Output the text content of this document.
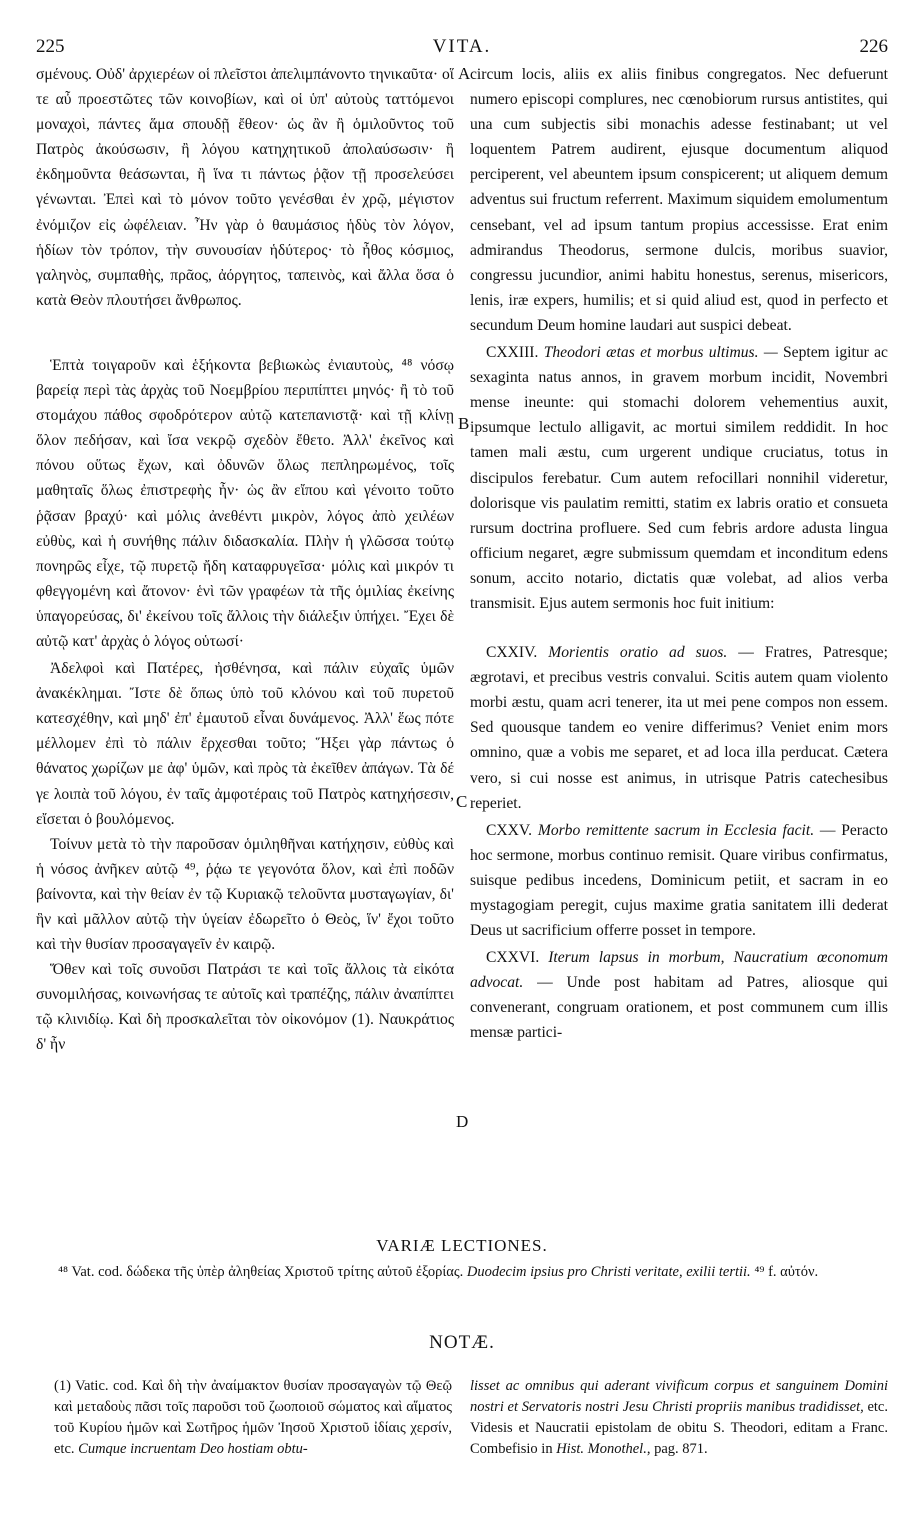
225	VITA.	226

σμένους. Οὐδ' ἀρχιερέων οἱ πλεῖστοι ἀπελιμπάνοντο τηνικαῦτα· οἵ τε αὖ προεστῶτες τῶν κοινοβίων, καὶ οἱ ὑπ' αὐτοὺς ταττόμενοι μοναχοὶ, πάντες ἅμα σπουδῇ ἔθεον· ὡς ἂν ἢ ὁμιλοῦντος τοῦ Πατρὸς ἀκούσωσιν, ἢ λόγου κατηχητικοῦ ἀπολαύσωσιν· ἢ ἐκδημοῦντα θεάσωνται, ἢ ἵνα τι πάντως ῥᾷον τῇ προσελεύσει γένωνται. Ἐπεὶ καὶ τὸ μόνον τοῦτο γενέσθαι ἐν χρῷ, μέγιστον ἐνόμιζον εἰς ὠφέλειαν. Ἦν γὰρ ὁ θαυμάσιος ἡδὺς τὸν λόγον, ἡδίων τὸν τρόπον, τὴν συνουσίαν ἡδύτερος· τὸ ἦθος κόσμιος, γαληνὸς, συμπαθὴς, πρᾶος, ἀόργητος, ταπεινὸς, καὶ ἄλλα ὅσα ὁ κατὰ Θεὸν πλουτήσει ἄνθρωπος.

Ἑπτὰ τοιγαροῦν καὶ ἑξήκοντα βεβιωκὼς ἐνιαυτοὺς, ⁴⁸ νόσῳ βαρείᾳ περὶ τὰς ἀρχὰς τοῦ Νοεμβρίου περιπίπτει μηνός· ἢ τὸ τοῦ στομάχου πάθος σφοδρότερον αὐτῷ κατεπανιστᾷ· καὶ τῇ κλίνῃ ὅλον πεδήσαν, καὶ ἴσα νεκρῷ σχεδὸν ἔθετο. Ἀλλ' ἐκεῖνος καὶ πόνου οὕτως ἔχων, καὶ ὀδυνῶν ὅλως πεπληρωμένος, τοῖς μαθηταῖς ὅλως ἐπιστρεφὴς ἦν· ὡς ἂν εἴπου καὶ γένοιτο τοῦτο ῥᾷσαν βραχύ· καὶ μόλις ἀνεθέντι μικρὸν, λόγος ἀπὸ χειλέων εὐθὺς, καὶ ἡ συνήθης πάλιν διδασκαλία. Πλὴν ἡ γλῶσσα τούτῳ πονηρῶς εἶχε, τῷ πυρετῷ ἤδη καταφρυγεῖσα· μόλις καὶ μικρόν τι φθεγγομένη καὶ ἄτονον· ἑνὶ τῶν γραφέων τὰ τῆς ὁμιλίας ἐκείνης ὑπαγορεύσας, δι' ἐκείνου τοῖς ἄλλοις τὴν διάλεξιν ὑπήχει. Ἔχει δὲ αὐτῷ κατ' ἀρχὰς ὁ λόγος οὑτωσί·

Ἀδελφοὶ καὶ Πατέρες, ἠσθένησα, καὶ πάλιν εὐχαῖς ὑμῶν ἀνακέκλημαι. Ἴστε δὲ ὅπως ὑπὸ τοῦ κλόνου καὶ τοῦ πυρετοῦ κατεσχέθην, καὶ μηδ' ἐπ' ἐμαυτοῦ εἶναι δυνάμενος. Ἀλλ' ἕως πότε μέλλομεν ἐπὶ τὸ πάλιν ἔρχεσθαι τοῦτο; Ἥξει γὰρ πάντως ὁ θάνατος χωρίζων με ἀφ' ὑμῶν, καὶ πρὸς τὰ ἐκεῖθεν ἀπάγων. Τὰ δέ γε λοιπὰ τοῦ λόγου, ἐν ταῖς ἀμφοτέραις τοῦ Πατρὸς κατηχήσεσιν, εἴσεται ὁ βουλόμενος.

Τοίνυν μετὰ τὸ τὴν παροῦσαν ὁμιληθῆναι κατήχησιν, εὐθὺς καὶ ἡ νόσος ἀνῆκεν αὐτῷ ⁴⁹, ῥᾴω τε γεγονότα ὅλον, καὶ ἐπὶ ποδῶν βαίνοντα, καὶ τὴν θείαν ἐν τῷ Κυριακῷ τελοῦντα μυσταγωγίαν, δι' ἣν καὶ μᾶλλον αὐτῷ τὴν ὑγείαν ἐδωρεῖτο ὁ Θεὸς, ἵν' ἔχοι τοῦτο καὶ τὴν θυσίαν προσαγαγεῖν ἐν καιρῷ.

Ὅθεν καὶ τοῖς συνοῦσι Πατράσι τε καὶ τοῖς ἄλλοις τὰ εἰκότα συνομιλήσας, κοινωνήσας τε αὐτοῖς καὶ τραπέζης, πάλιν ἀναπίπτει τῷ κλινιδίῳ. Καὶ δὴ προσκαλεῖται τὸν οἰκονόμον (1). Ναυκράτιος δ' ἦν

A
B
C
D

circum locis, aliis ex aliis finibus congregatos. Nec defuerunt numero episcopi complures, nec cœnobiorum rursus antistites, qui una cum subjectis sibi monachis adesse festinabant; ut vel loquentem Patrem audirent, ejusque documentum aliquod perciperent, vel abeuntem ipsum conspicerent; ut aliquem demum adventus sui fructum referrent. Maximum siquidem emolumentum censebant, vel ad ipsum tantum propius accessisse. Erat enim admirandus Theodorus, sermone dulcis, moribus suavior, congressu jucundior, animi habitu honestus, serenus, misericors, lenis, iræ expers, humilis; et si quid aliud est, quod in perfecto et secundum Deum homine laudari aut suspici debeat.

CXXIII. Theodori ætas et morbus ultimus. — Septem igitur ac sexaginta natus annos, in gravem morbum incidit, Novembri mense ineunte: qui stomachi dolorem vehementius auxit, ipsumque lectulo alligavit, ac mortui similem reddidit. In hoc tamen mali æstu, cum urgerent undique cruciatus, totus in discipulos ferebatur. Cum autem refocillari nonnihil videretur, dolorisque vis paulatim remitti, statim ex labris oratio et consueta rursum doctrina profluere. Sed cum febris ardore adusta lingua officium negaret, ægre submissum quemdam et inconditum edens sonum, accito notario, dictatis quæ volebat, ad alios verba transmisit. Ejus autem sermonis hoc fuit initium:

CXXIV. Morientis oratio ad suos. — Fratres, Patresque; ægrotavi, et precibus vestris convalui. Scitis autem quam violento morbi æstu, quam acri tenerer, ita ut mei pene compos non essem. Sed quousque tandem eo venire differimus? Veniet enim mors omnino, quæ a vobis me separet, et ad loca illa perducat. Cætera vero, si cui nosse est animus, in utrisque Patris catechesibus reperiet.

CXXV. Morbo remittente sacrum in Ecclesia facit. — Peracto hoc sermone, morbus continuo remisit. Quare viribus confirmatus, suisque pedibus incedens, Dominicum petiit, et sacram in eo mystagogiam peregit, cujus maxime gratia sanitatem illi dederat Deus ut sacrificium offerre posset in tempore.

CXXVI. Iterum lapsus in morbum, Naucratium œconomum advocat. — Unde post habitam ad Patres, aliosque qui convenerant, congruam orationem, et post communem cum illis mensæ partici-

VARIÆ LECTIONES.
⁴⁸ Vat. cod. δώδεκα τῆς ὑπὲρ ἀληθείας Χριστοῦ τρίτης αὐτοῦ ἐξορίας. Duodecim ipsius pro Christi veritate, exilii tertii. ⁴⁹ f. αὐτόν.
NOTÆ.
(1) Vatic. cod. Καὶ δὴ τὴν ἀναίμακτον θυσίαν προσαγαγὼν τῷ Θεῷ καὶ μεταδοὺς πᾶσι τοῖς παροῦσι τοῦ ζωοποιοῦ σώματος καὶ αἵματος τοῦ Κυρίου ἡμῶν καὶ Σωτῆρος ἡμῶν Ἰησοῦ Χριστοῦ ἰδίαις χερσίν, etc. Cumque incruentam Deo hostiam obtu-
lisset ac omnibus qui aderant vivificum corpus et sanguinem Domini nostri et Servatoris nostri Jesu Christi propriis manibus tradidisset, etc. Videsis et Naucratii epistolam de obitu S. Theodori, editam a Franc. Combefisio in Hist. Monothel., pag. 871.
